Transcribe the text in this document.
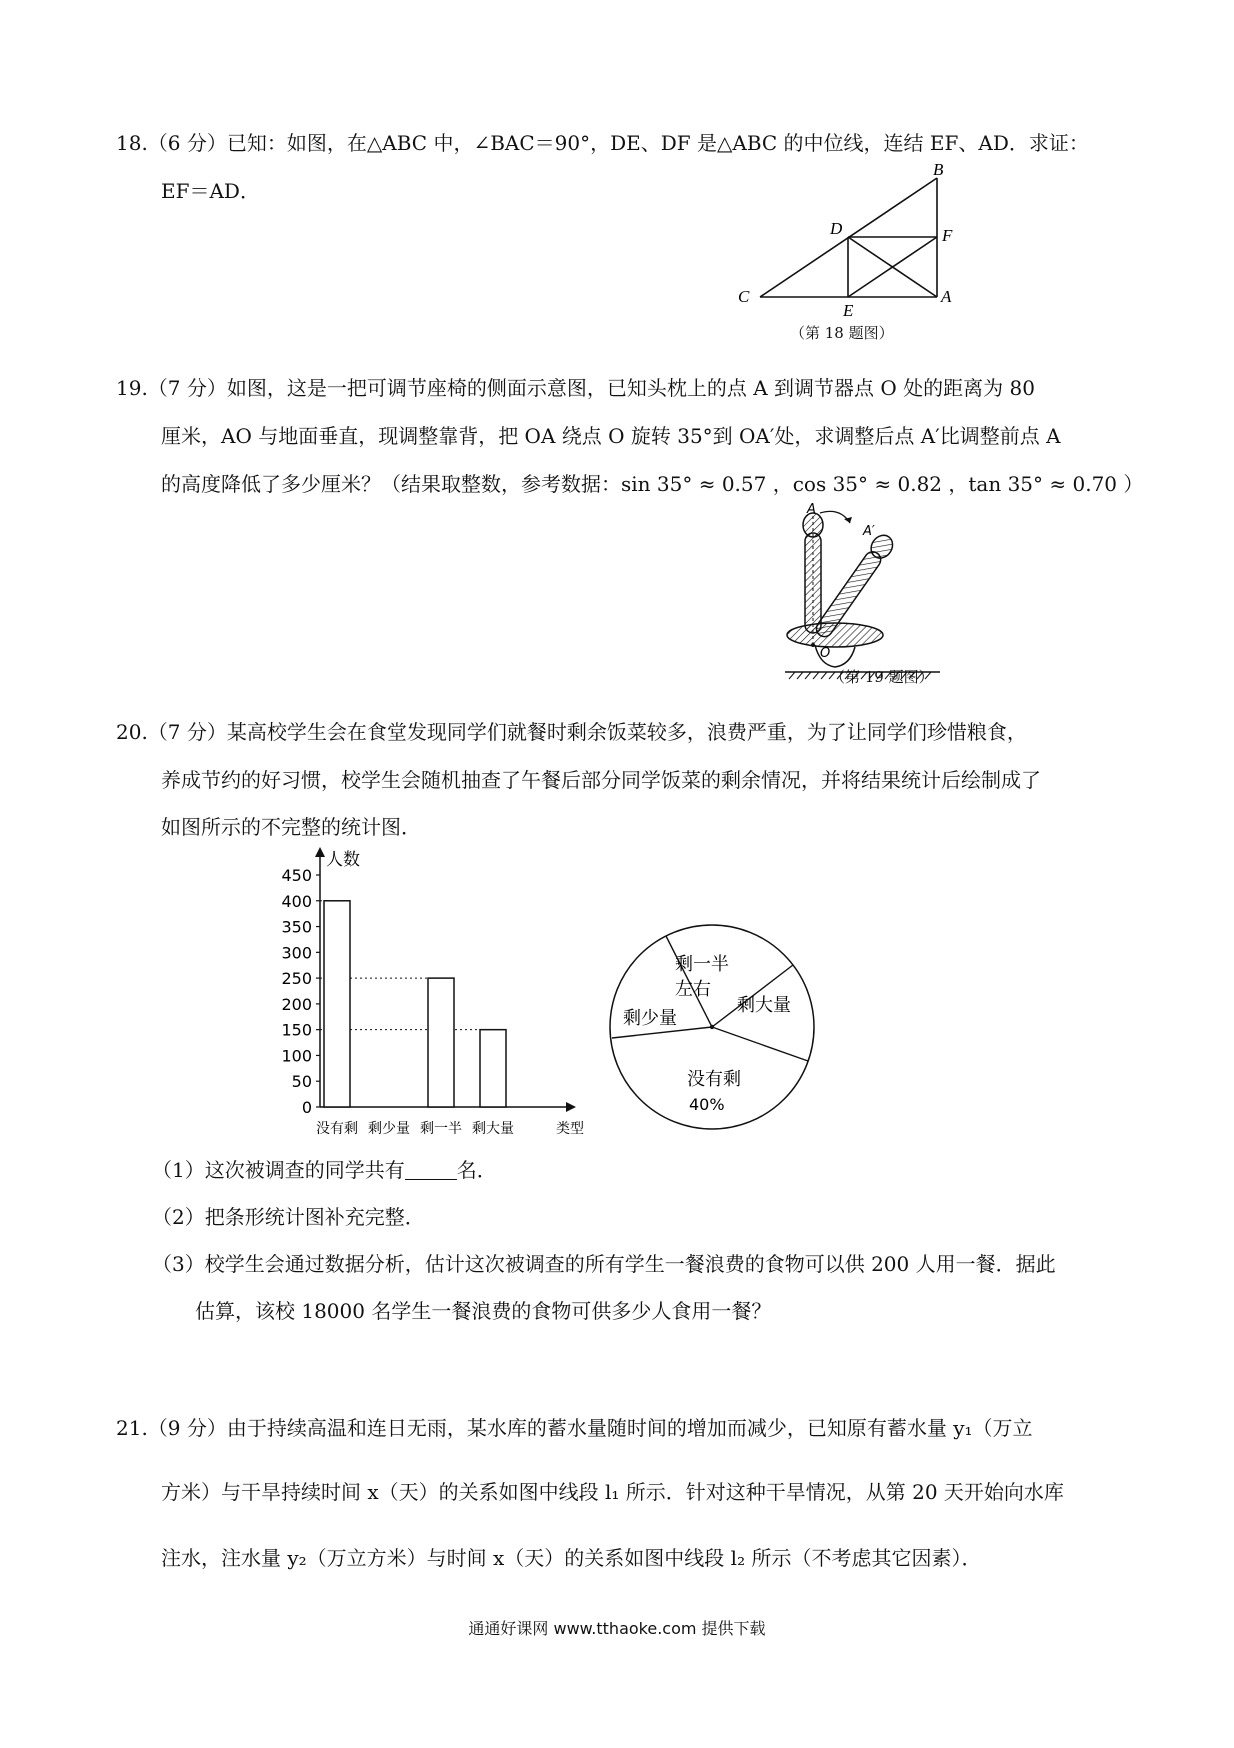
18.（6 分）已知：如图，在△ABC 中，∠BAC＝90°，DE、DF 是△ABC 的中位线，连结 EF、AD．求证：
EF＝AD．
B
D	F
C
E
A
（第 18 题图）
19.（7 分）如图，这是一把可调节座椅的侧面示意图，已知头枕上的点 A 到调节器点 O 处的距离为 80
厘米，AO 与地面垂直，现调整靠背，把 OA 绕点 O 旋转 35°到 OA′处，求调整后点 A′比调整前点 A
的高度降低了多少厘米？（结果取整数，参考数据：sin 35° ≈ 0.57 ，cos 35° ≈ 0.82 ，tan 35° ≈ 0.70 ）
A
A′
O
（第 19 题图）
20.（7 分）某高校学生会在食堂发现同学们就餐时剩余饭菜较多，浪费严重，为了让同学们珍惜粮食，
养成节约的好习惯，校学生会随机抽查了午餐后部分同学饭菜的剩余情况，并将结果统计后绘制成了
如图所示的不完整的统计图．
人数
类型
0
50
100
150
200
250
300
350
400
450
没有剩 剩少量 剩一半 剩大量
剩一半
左右
剩大量
剩少量
没有剩
40%
（1）这次被调查的同学共有	名．
（2）把条形统计图补充完整．
（3）校学生会通过数据分析，估计这次被调查的所有学生一餐浪费的食物可以供 200 人用一餐．据此
估算，该校 18000 名学生一餐浪费的食物可供多少人食用一餐？
21.（9 分）由于持续高温和连日无雨，某水库的蓄水量随时间的增加而减少，已知原有蓄水量 y₁（万立
方米）与干旱持续时间 x（天）的关系如图中线段 l₁ 所示．针对这种干旱情况，从第 20 天开始向水库
注水，注水量 y₂（万立方米）与时间 x（天）的关系如图中线段 l₂ 所示（不考虑其它因素）．
通通好课网 www.tthaoke.com 提供下载
